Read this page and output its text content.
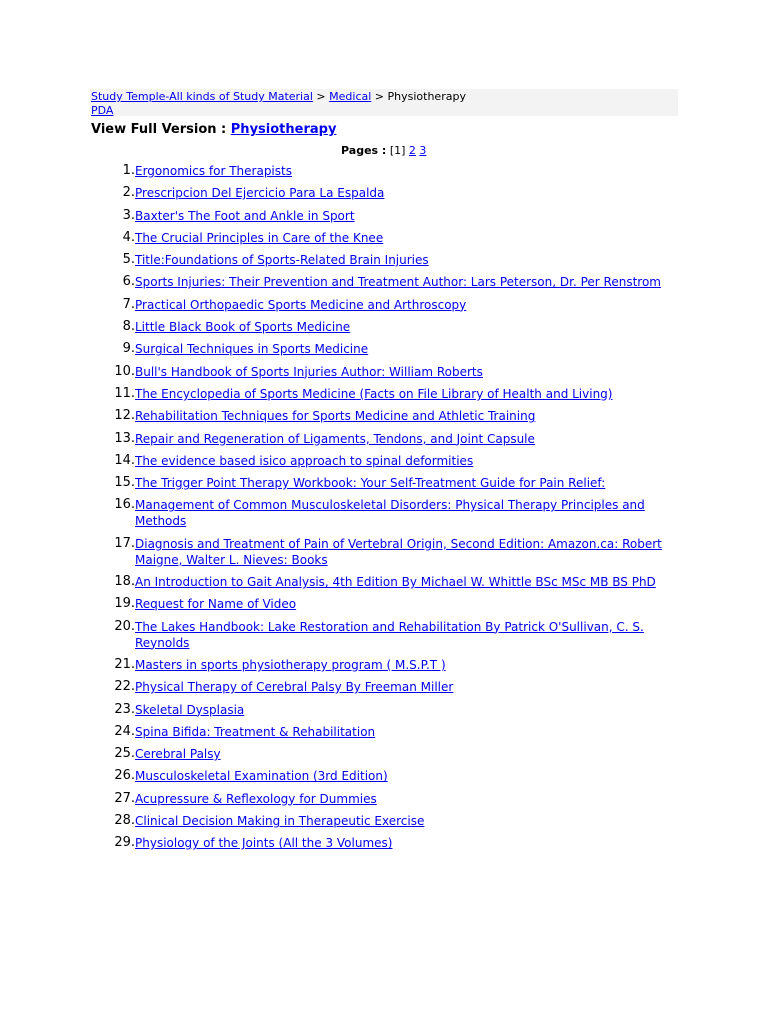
Study Temple-All kinds of Study Material > Medical > Physiotherapy
PDA
View Full Version : Physiotherapy
Pages : [1] 2 3
1. Ergonomics for Therapists
2. Prescripcion Del Ejercicio Para La Espalda
3. Baxter's The Foot and Ankle in Sport
4. The Crucial Principles in Care of the Knee
5. Title:Foundations of Sports-Related Brain Injuries
6. Sports Injuries: Their Prevention and Treatment Author: Lars Peterson, Dr. Per Renstrom
7. Practical Orthopaedic Sports Medicine and Arthroscopy
8. Little Black Book of Sports Medicine
9. Surgical Techniques in Sports Medicine
10. Bull's Handbook of Sports Injuries Author: William Roberts
11. The Encyclopedia of Sports Medicine (Facts on File Library of Health and Living)
12. Rehabilitation Techniques for Sports Medicine and Athletic Training
13. Repair and Regeneration of Ligaments, Tendons, and Joint Capsule
14. The evidence based isico approach to spinal deformities
15. The Trigger Point Therapy Workbook: Your Self-Treatment Guide for Pain Relief:
16. Management of Common Musculoskeletal Disorders: Physical Therapy Principles and Methods
17. Diagnosis and Treatment of Pain of Vertebral Origin, Second Edition: Amazon.ca: Robert Maigne, Walter L. Nieves: Books
18. An Introduction to Gait Analysis, 4th Edition By Michael W. Whittle BSc MSc MB BS PhD
19. Request for Name of Video
20. The Lakes Handbook: Lake Restoration and Rehabilitation By Patrick O'Sullivan, C. S. Reynolds
21. Masters in sports physiotherapy program ( M.S.P.T )
22. Physical Therapy of Cerebral Palsy By Freeman Miller
23. Skeletal Dysplasia
24. Spina Bifida: Treatment & Rehabilitation
25. Cerebral Palsy
26. Musculoskeletal Examination (3rd Edition)
27. Acupressure & Reflexology for Dummies
28. Clinical Decision Making in Therapeutic Exercise
29. Physiology of the Joints (All the 3 Volumes)
